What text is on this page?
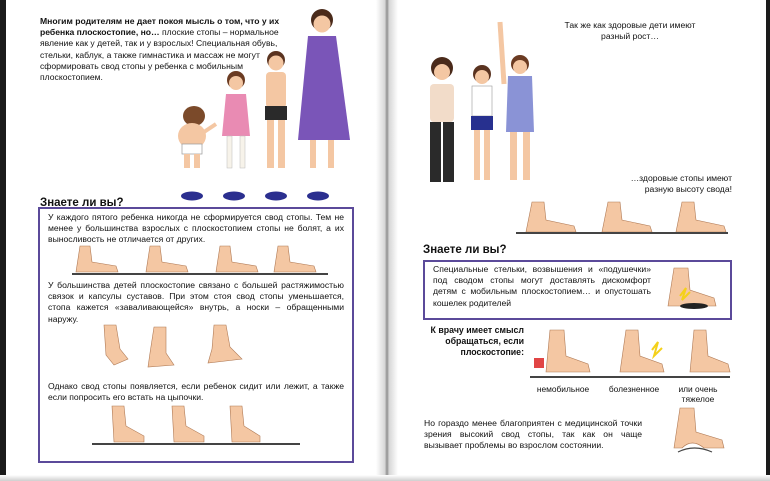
Многим родителям не дает покоя мысль о том, что у их ребенка плоскостопие, но… плоские стопы – нормальное явление как у детей, так и у взрослых! Специальная обувь, стельки, каблук, а также гимнастика и массаж не могут сформировать свод стопы у ребенка с мобильным плоскостопием.
Знаете ли вы?
У каждого пятого ребенка никогда не сформируется свод стопы. Тем не менее у большинства взрослых с плоскостопием стопы не болят, а их выносливость не отличается от других.
У большинства детей плоскостопие связано с большей растяжимостью связок и капсулы суставов. При этом стоя свод стопы уменьшается, стопа кажется «заваливающейся» внутрь, а носки – обращенными наружу.
Однако свод стопы появляется, если ребенок сидит или лежит, а также если попросить его встать на цыпочки.
Так же как здоровые дети имеют разный рост…
…здоровые стопы имеют разную высоту свода!
Знаете ли вы?
Специальные стельки, возвышения и «подушечки» под сводом стопы могут доставлять дискомфорт детям с мобильным плоскостопием… и опустошать кошелек родителей
К врачу имеет смысл обращаться, если плоскостопие:
немобильное	болезненное	или очень тяжелое
Но гораздо менее благоприятен с медицинской точки зрения высокий свод стопы, так как он чаще вызывает проблемы во взрослом состоянии.
